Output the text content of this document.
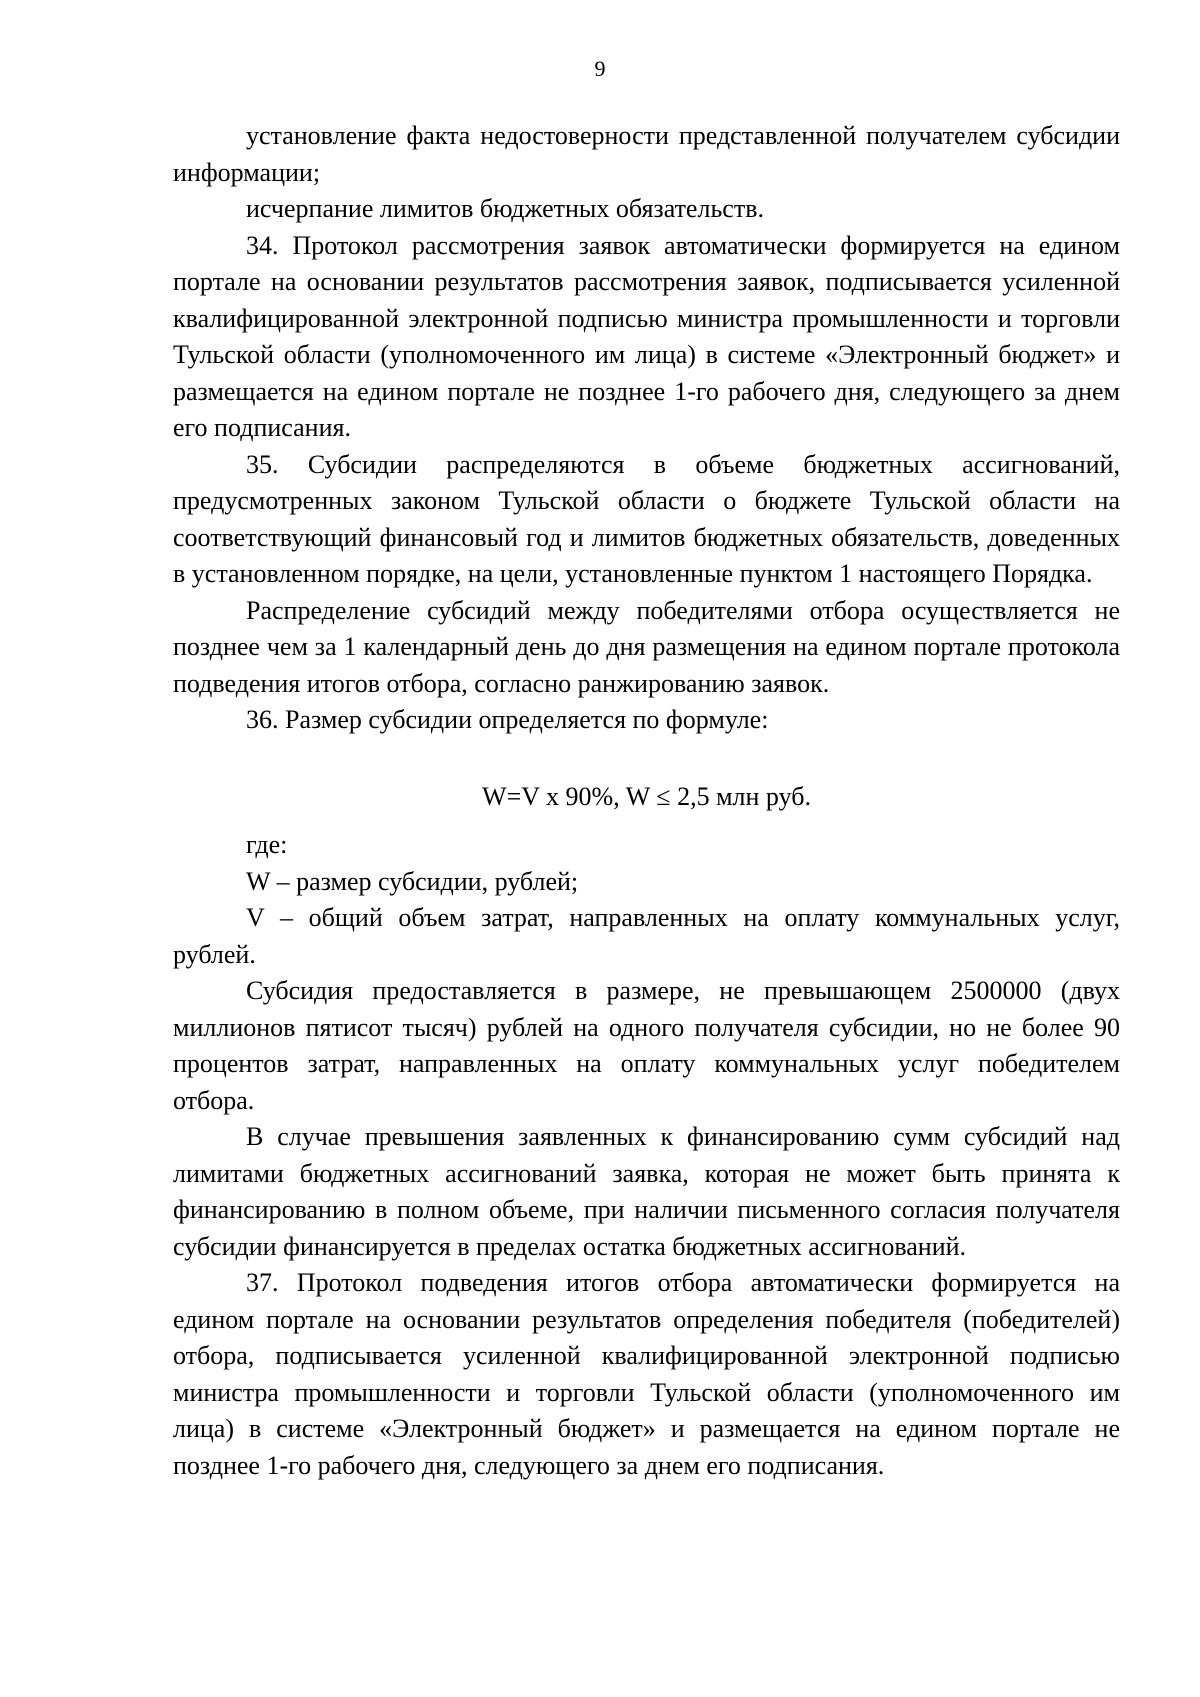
9

установление факта недостоверности представленной получателем субсидии информации;

исчерпание лимитов бюджетных обязательств.

34. Протокол рассмотрения заявок автоматически формируется на едином портале на основании результатов рассмотрения заявок, подписывается усиленной квалифицированной электронной подписью министра промышленности и торговли Тульской области (уполномоченного им лица) в системе «Электронный бюджет» и размещается на едином портале не позднее 1-го рабочего дня, следующего за днем его подписания.

35. Субсидии распределяются в объеме бюджетных ассигнований, предусмотренных законом Тульской области о бюджете Тульской области на соответствующий финансовый год и лимитов бюджетных обязательств, доведенных в установленном порядке, на цели, установленные пунктом 1 настоящего Порядка.

Распределение субсидий между победителями отбора осуществляется не позднее чем за 1 календарный день до дня размещения на едином портале протокола подведения итогов отбора, согласно ранжированию заявок.

36. Размер субсидии определяется по формуле:

W=V x 90%, W ≤ 2,5 млн руб.

где:

W – размер субсидии, рублей;

V – общий объем затрат, направленных на оплату коммунальных услуг, рублей.

Субсидия предоставляется в размере, не превышающем 2500000 (двух миллионов пятисот тысяч) рублей на одного получателя субсидии, но не более 90 процентов затрат, направленных на оплату коммунальных услуг победителем отбора.

В случае превышения заявленных к финансированию сумм субсидий над лимитами бюджетных ассигнований заявка, которая не может быть принята к финансированию в полном объеме, при наличии письменного согласия получателя субсидии финансируется в пределах остатка бюджетных ассигнований.

37. Протокол подведения итогов отбора автоматически формируется на едином портале на основании результатов определения победителя (победителей) отбора, подписывается усиленной квалифицированной электронной подписью министра промышленности и торговли Тульской области (уполномоченного им лица) в системе «Электронный бюджет» и размещается на едином портале не позднее 1-го рабочего дня, следующего за днем его подписания.
